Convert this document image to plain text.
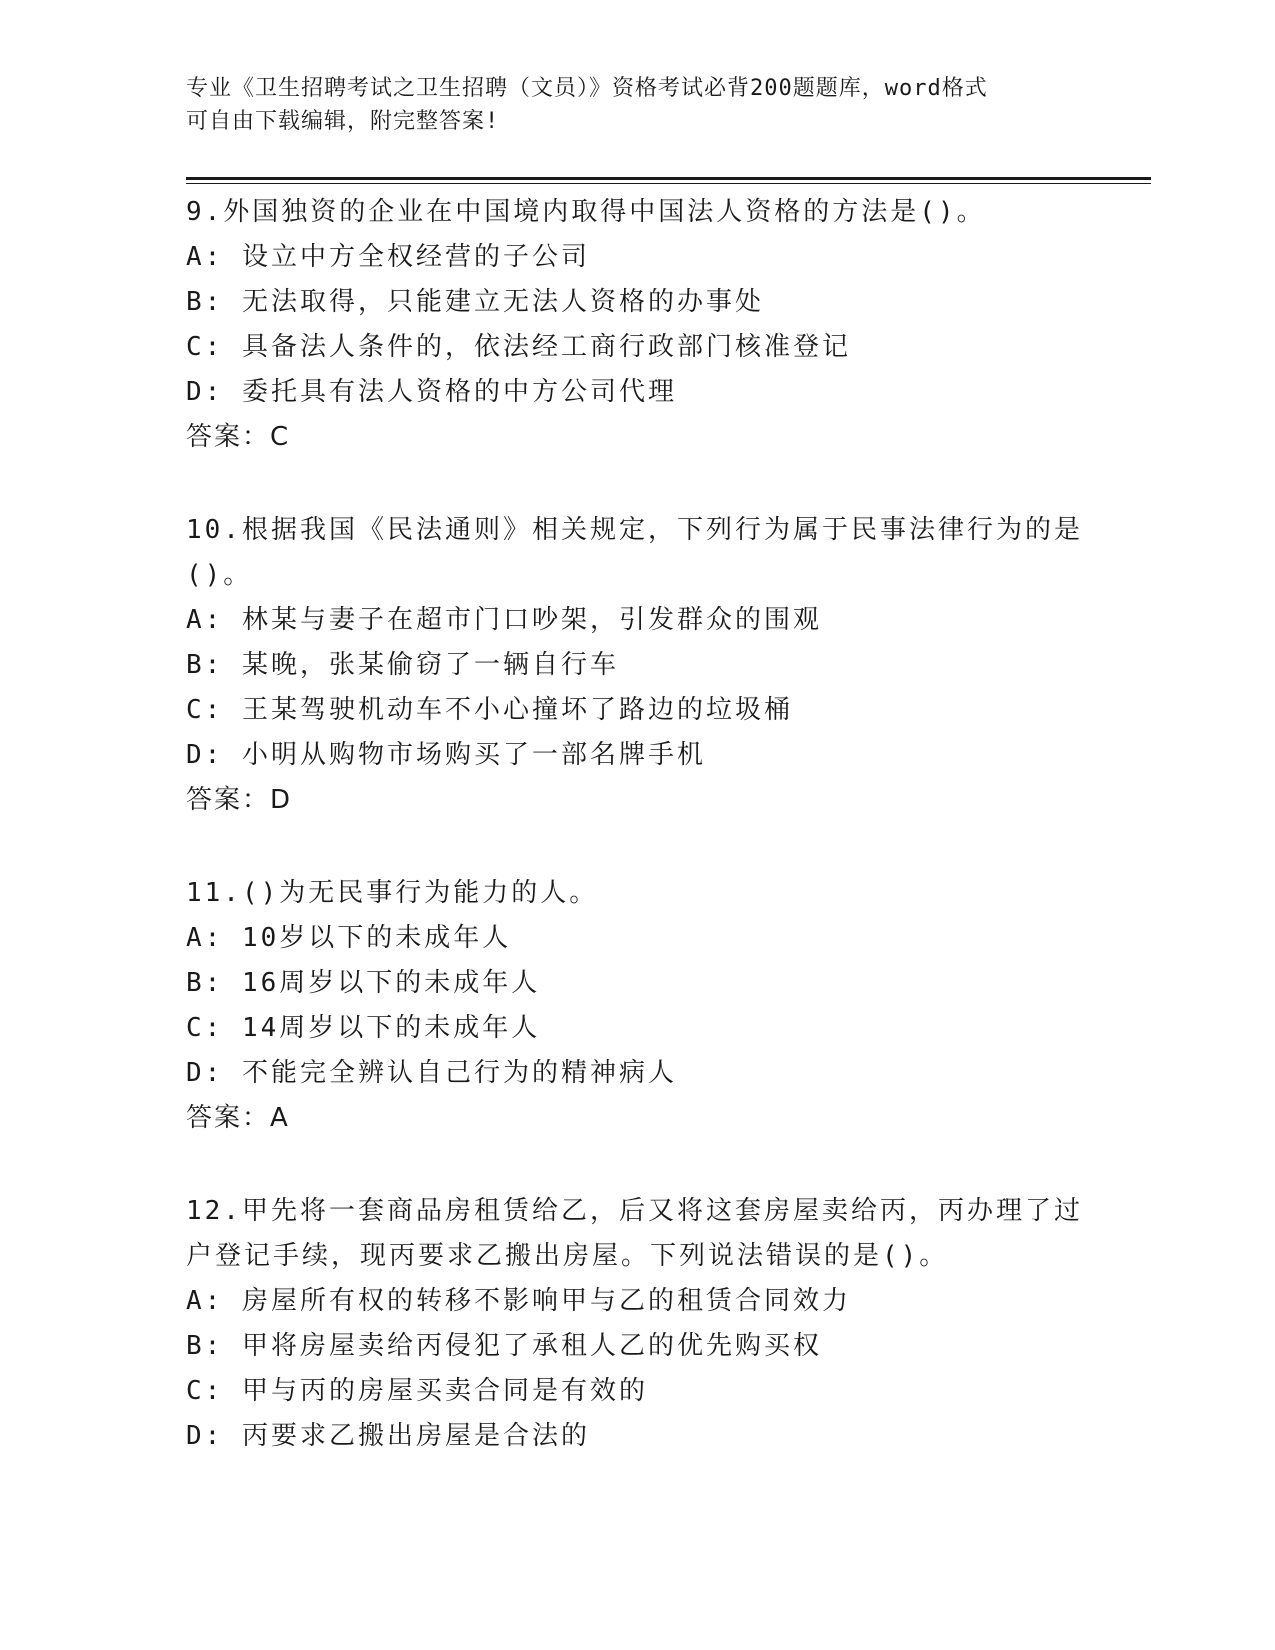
专业《卫生招聘考试之卫生招聘（文员）》资格考试必背200题题库，word格式
可自由下载编辑，附完整答案!
9.外国独资的企业在中国境内取得中国法人资格的方法是()。
A: 设立中方全权经营的子公司
B: 无法取得，只能建立无法人资格的办事处
C: 具备法人条件的，依法经工商行政部门核准登记
D: 委托具有法人资格的中方公司代理
答案：C
10.根据我国《民法通则》相关规定，下列行为属于民事法律行为的是
()。
A: 林某与妻子在超市门口吵架，引发群众的围观
B: 某晚，张某偷窃了一辆自行车
C: 王某驾驶机动车不小心撞坏了路边的垃圾桶
D: 小明从购物市场购买了一部名牌手机
答案：D
11.()为无民事行为能力的人。
A: 10岁以下的未成年人
B: 16周岁以下的未成年人
C: 14周岁以下的未成年人
D: 不能完全辨认自己行为的精神病人
答案：A
12.甲先将一套商品房租赁给乙，后又将这套房屋卖给丙，丙办理了过
户登记手续，现丙要求乙搬出房屋。下列说法错误的是()。
A: 房屋所有权的转移不影响甲与乙的租赁合同效力
B: 甲将房屋卖给丙侵犯了承租人乙的优先购买权
C: 甲与丙的房屋买卖合同是有效的
D: 丙要求乙搬出房屋是合法的
